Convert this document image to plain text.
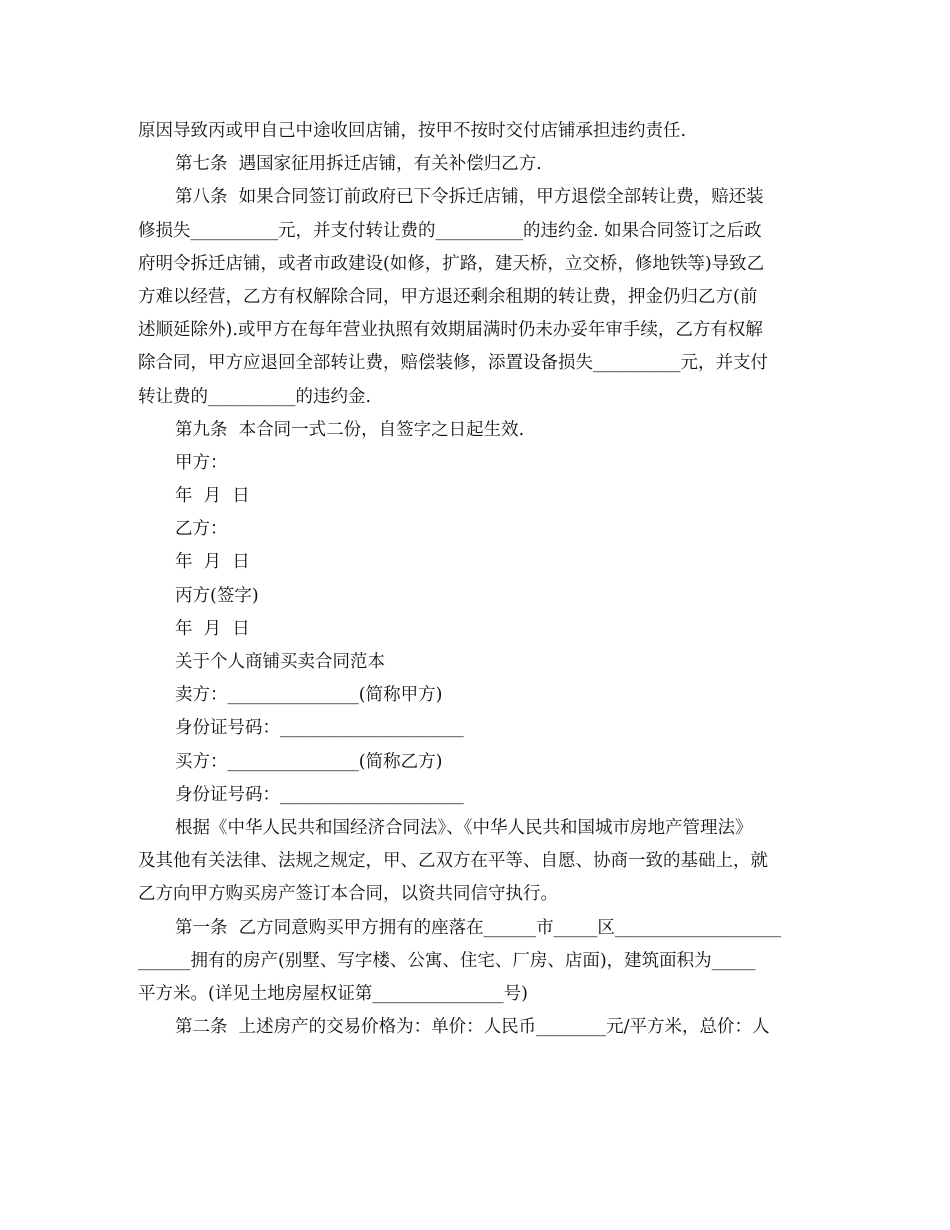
原因导致丙或甲自己中途收回店铺，按甲不按时交付店铺承担违约责任.
第七条  遇国家征用拆迁店铺，有关补偿归乙方.
第八条  如果合同签订前政府已下令拆迁店铺，甲方退偿全部转让费，赔还装
修损失__________元，并支付转让费的__________的违约金. 如果合同签订之后政
府明令拆迁店铺，或者市政建设(如修，扩路，建天桥，立交桥，修地铁等)导致乙
方难以经营，乙方有权解除合同，甲方退还剩余租期的转让费，押金仍归乙方(前
述顺延除外).或甲方在每年营业执照有效期届满时仍未办妥年审手续，乙方有权解
除合同，甲方应退回全部转让费，赔偿装修，添置设备损失__________元，并支付
转让费的__________的违约金.
第九条  本合同一式二份，自签字之日起生效.
甲方：
年  月  日
乙方：
年  月  日
丙方(签字)
年  月  日
关于个人商铺买卖合同范本
卖方：_______________(简称甲方)
身份证号码：_____________________
买方：_______________(简称乙方)
身份证号码：_____________________
根据《中华人民共和国经济合同法》、《中华人民共和国城市房地产管理法》
及其他有关法律、法规之规定，甲、乙双方在平等、自愿、协商一致的基础上，就
乙方向甲方购买房产签订本合同，以资共同信守执行。
第一条  乙方同意购买甲方拥有的座落在______市_____区___________________
______拥有的房产(别墅、写字楼、公寓、住宅、厂房、店面)，建筑面积为_____
平方米。(详见土地房屋权证第_______________号)
第二条  上述房产的交易价格为：单价：人民币________元/平方米，总价：人
